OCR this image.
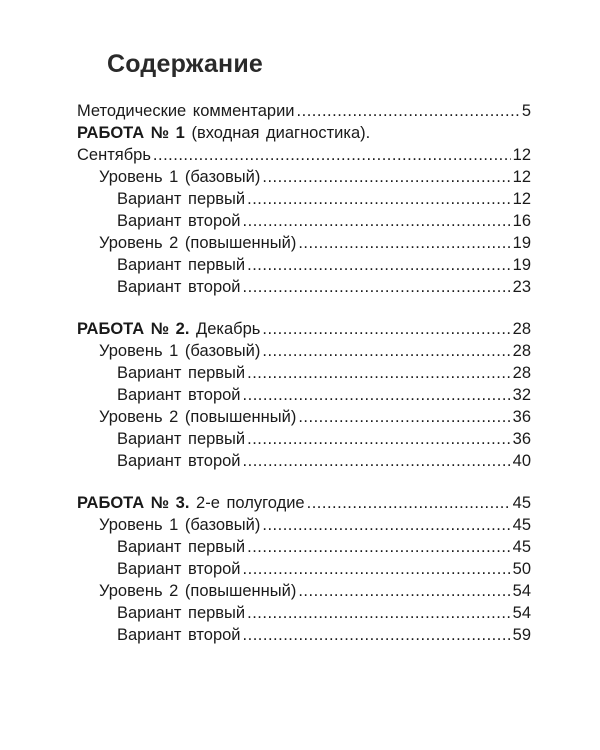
Содержание
Методические комментарии .....	5
РАБОТА № 1 (входная диагностика).
Сентябрь .....	12
Уровень 1 (базовый) .....	12
Вариант первый .....	12
Вариант второй .....	16
Уровень 2 (повышенный) .....	19
Вариант первый .....	19
Вариант второй .....	23
РАБОТА № 2. Декабрь .....	28
Уровень 1 (базовый) .....	28
Вариант первый .....	28
Вариант второй .....	32
Уровень 2 (повышенный) .....	36
Вариант первый .....	36
Вариант второй .....	40
РАБОТА № 3. 2-е полугодие .....	45
Уровень 1 (базовый) .....	45
Вариант первый .....	45
Вариант второй .....	50
Уровень 2 (повышенный) .....	54
Вариант первый .....	54
Вариант второй .....	59
